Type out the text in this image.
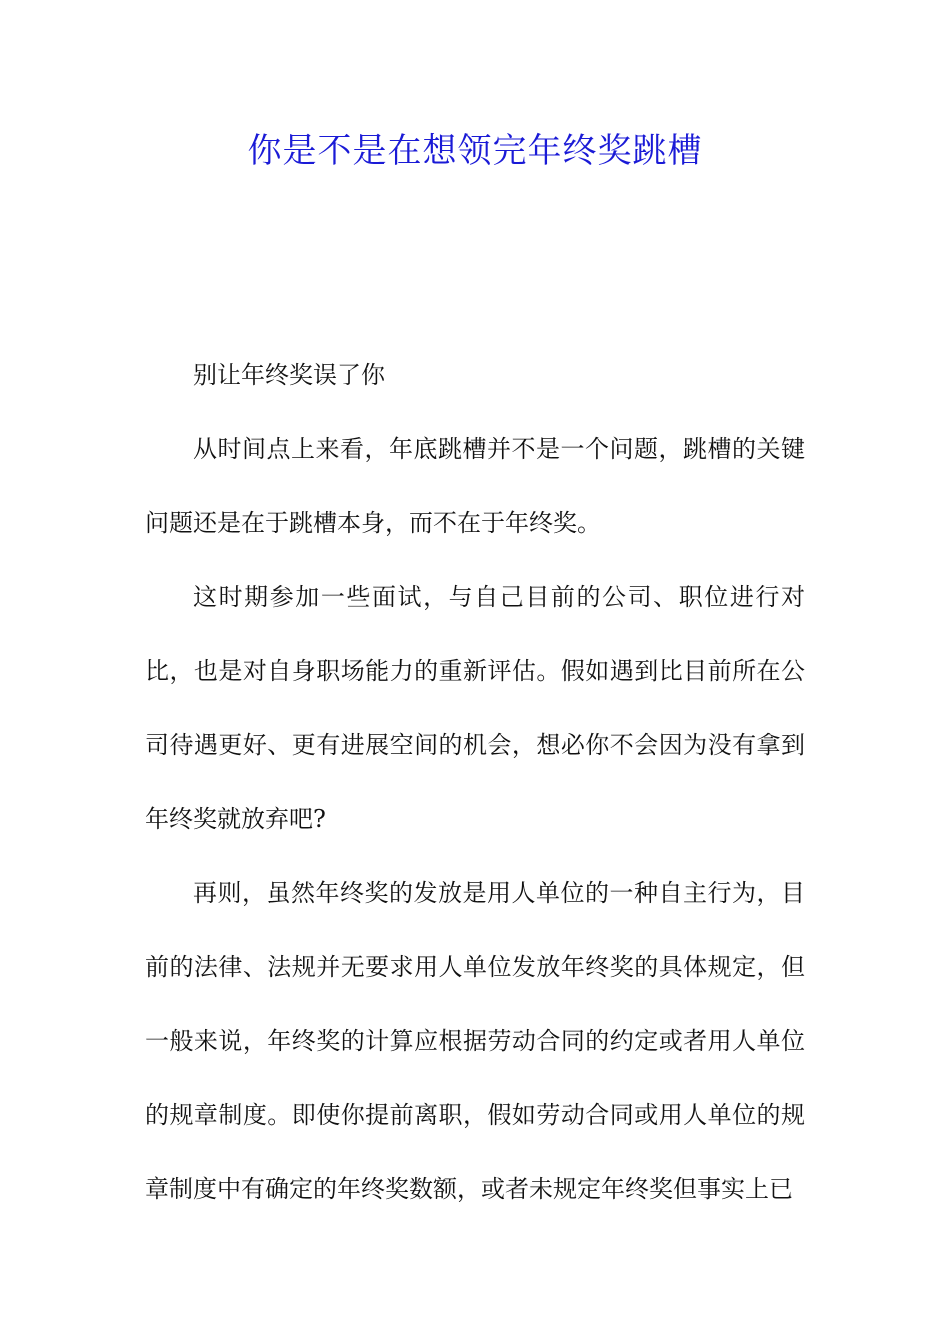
你是不是在想领完年终奖跳槽

别让年终奖误了你

从时间点上来看，年底跳槽并不是一个问题，跳槽的关键问题还是在于跳槽本身，而不在于年终奖。

这时期参加一些面试，与自己目前的公司、职位进行对比，也是对自身职场能力的重新评估。假如遇到比目前所在公司待遇更好、更有进展空间的机会，想必你不会因为没有拿到年终奖就放弃吧?

再则，虽然年终奖的发放是用人单位的一种自主行为，目前的法律、法规并无要求用人单位发放年终奖的具体规定，但一般来说，年终奖的计算应根据劳动合同的约定或者用人单位的规章制度。即使你提前离职，假如劳动合同或用人单位的规章制度中有确定的年终奖数额，或者未规定年终奖但事实上已
